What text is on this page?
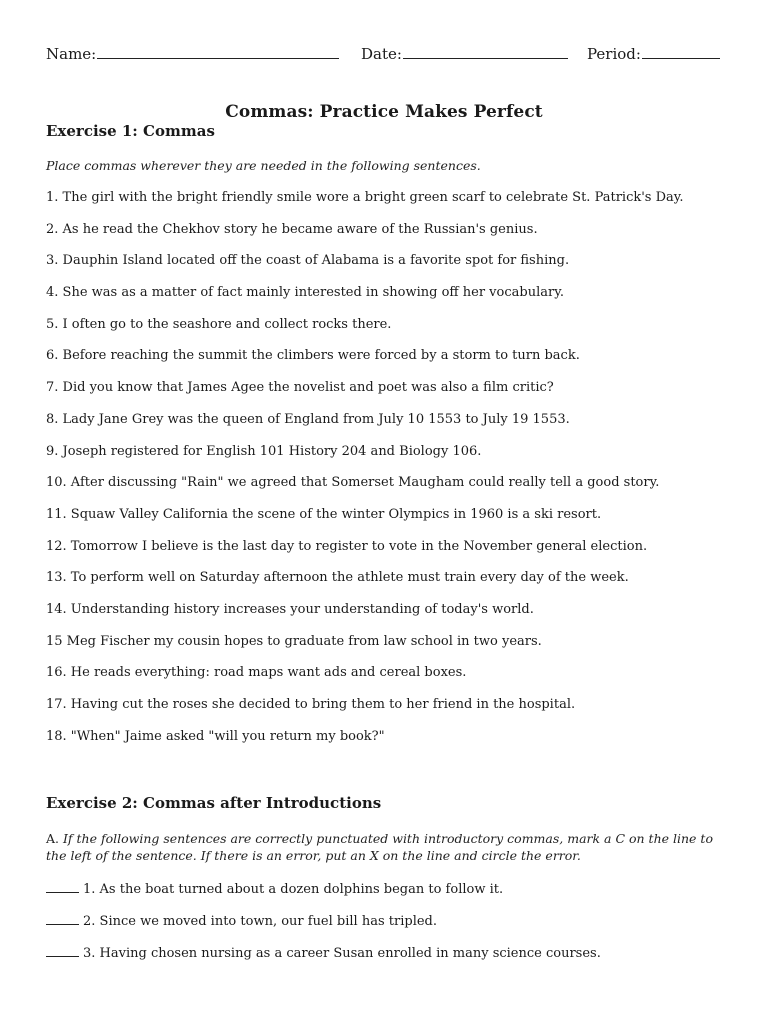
Name:	Date:	Period:
Commas: Practice Makes Perfect
Exercise 1: Commas
Place commas wherever they are needed in the following sentences.
1. The girl with the bright friendly smile wore a bright green scarf to celebrate St. Patrick's Day.
2. As he read the Chekhov story he became aware of the Russian's genius.
3. Dauphin Island located off the coast of Alabama is a favorite spot for fishing.
4. She was as a matter of fact mainly interested in showing off her vocabulary.
5. I often go to the seashore and collect rocks there.
6. Before reaching the summit the climbers were forced by a storm to turn back.
7. Did you know that James Agee the novelist and poet was also a film critic?
8. Lady Jane Grey was the queen of England from July 10 1553 to July 19 1553.
9. Joseph registered for English 101 History 204 and Biology 106.
10. After discussing "Rain" we agreed that Somerset Maugham could really tell a good story.
11. Squaw Valley California the scene of the winter Olympics in 1960 is a ski resort.
12. Tomorrow I believe is the last day to register to vote in the November general election.
13. To perform well on Saturday afternoon the athlete must train every day of the week.
14. Understanding history increases your understanding of today's world.
15 Meg Fischer my cousin hopes to graduate from law school in two years.
16. He reads everything: road maps want ads and cereal boxes.
17. Having cut the roses she decided to bring them to her friend in the hospital.
18. "When" Jaime asked "will you return my book?"
Exercise 2: Commas after Introductions
A. If the following sentences are correctly punctuated with introductory commas, mark a C on the line to the left of the sentence. If there is an error, put an X on the line and circle the error.
1. As the boat turned about a dozen dolphins began to follow it.
2. Since we moved into town, our fuel bill has tripled.
3. Having chosen nursing as a career Susan enrolled in many science courses.
